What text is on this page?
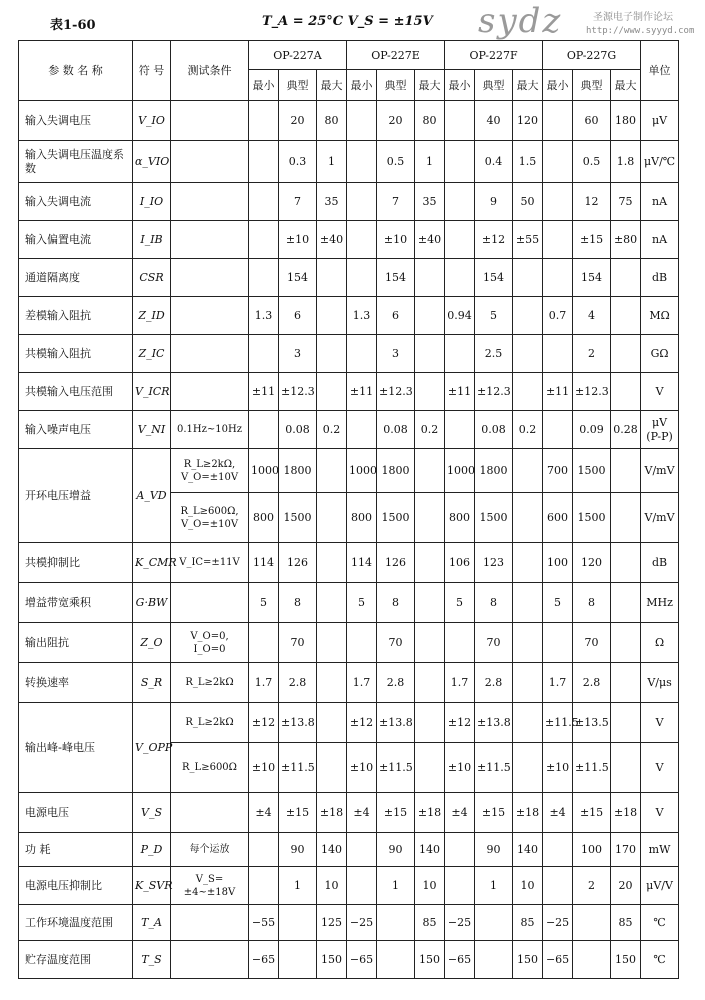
表1-60	T_A = 25°C V_S = ±15V sydz	圣源电子制作论坛
http://www.syyyd.com
参 数 名 称	符 号	测试条件	OP-227A			OP-227E			OP-227F			OP-227G			单位
			最小	典型	最大	最小	典型	最大	最小	典型	最大	最小	典型	最大	
输入失调电压	V_IO			20	80		20	80		40	120		60	180	μV
输入失调电压温度系数	α_VIO			0.3	1		0.5	1		0.4	1.5		0.5	1.8	μV/℃
输入失调电流	I_IO			7	35		7	35		9	50		12	75	nA
输入偏置电流	I_IB			±10	±40		±10	±40		±12	±55		±15	±80	nA
通道隔离度	CSR			154			154			154			154		dB
差模输入阻抗	Z_ID		1.3	6		1.3	6		0.94	5		0.7	4		MΩ
共模输入阻抗	Z_IC			3			3			2.5			2		GΩ
共模输入电压范围	V_ICR		±11	±12.3		±11	±12.3		±11	±12.3		±11	±12.3		V
输入噪声电压	V_NI	0.1Hz~10Hz		0.08	0.2		0.08	0.2		0.08	0.2		0.09	0.28	μV (P-P)
开环电压增益	A_VD	R_L≥2kΩ, V_O=±10V	1000	1800		1000	1800		1000	1800		700	1500		V/mV
		R_L≥600Ω, V_O=±10V	800	1500		800	1500		800	1500		600	1500		V/mV
共模抑制比	K_CMR	V_IC=±11V	114	126		114	126		106	123		100	120		dB
增益带宽乘积	G·BW		5	8		5	8		5	8		5	8		MHz
输出阻抗	Z_O	V_O=0, I_O=0		70			70			70			70		Ω
转换速率	S_R	R_L≥2kΩ	1.7	2.8		1.7	2.8		1.7	2.8		1.7	2.8		V/μs
输出峰-峰电压	V_OPP	R_L≥2kΩ	±12	±13.8		±12	±13.8		±12	±13.8		±11.5	±13.5		V
		R_L≥600Ω	±10	±11.5		±10	±11.5		±10	±11.5		±10	±11.5		V
电源电压	V_S		±4	±15	±18	±4	±15	±18	±4	±15	±18	±4	±15	±18	V
功 耗	P_D	每个运放		90	140		90	140		90	140		100	170	mW
电源电压抑制比	K_SVR	V_S= ±4~±18V		1	10		1	10		1	10		2	20	μV/V
工作环境温度范围	T_A		−55		125	−25		85	−25		85	−25		85	℃
贮存温度范围	T_S		−65		150	−65		150	−65		150	−65		150	℃
